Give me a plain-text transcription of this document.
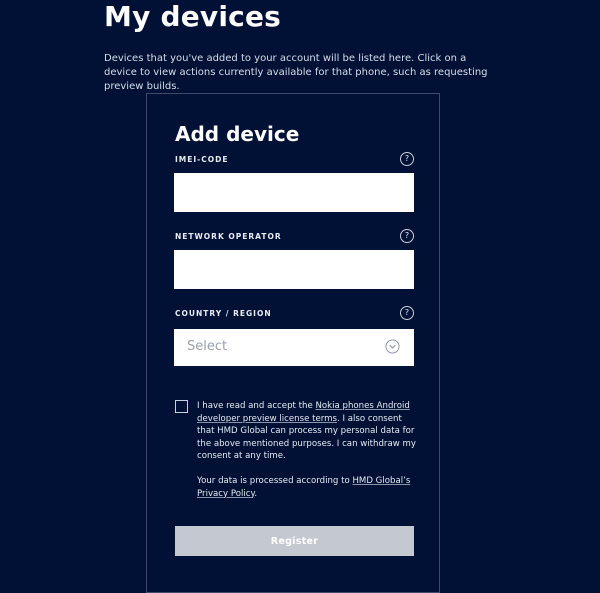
My devices
Devices that you've added to your account will be listed here. Click on a device to view actions currently available for that phone, such as requesting preview builds.
Add device
IMEI-CODE	?
NETWORK OPERATOR	?
COUNTRY / REGION	?
Select
I have read and accept the Nokia phones Android developer preview license terms. I also consent that HMD Global can process my personal data for the above mentioned purposes. I can withdraw my consent at any time.
Your data is processed according to HMD Global’s Privacy Policy.
Register
